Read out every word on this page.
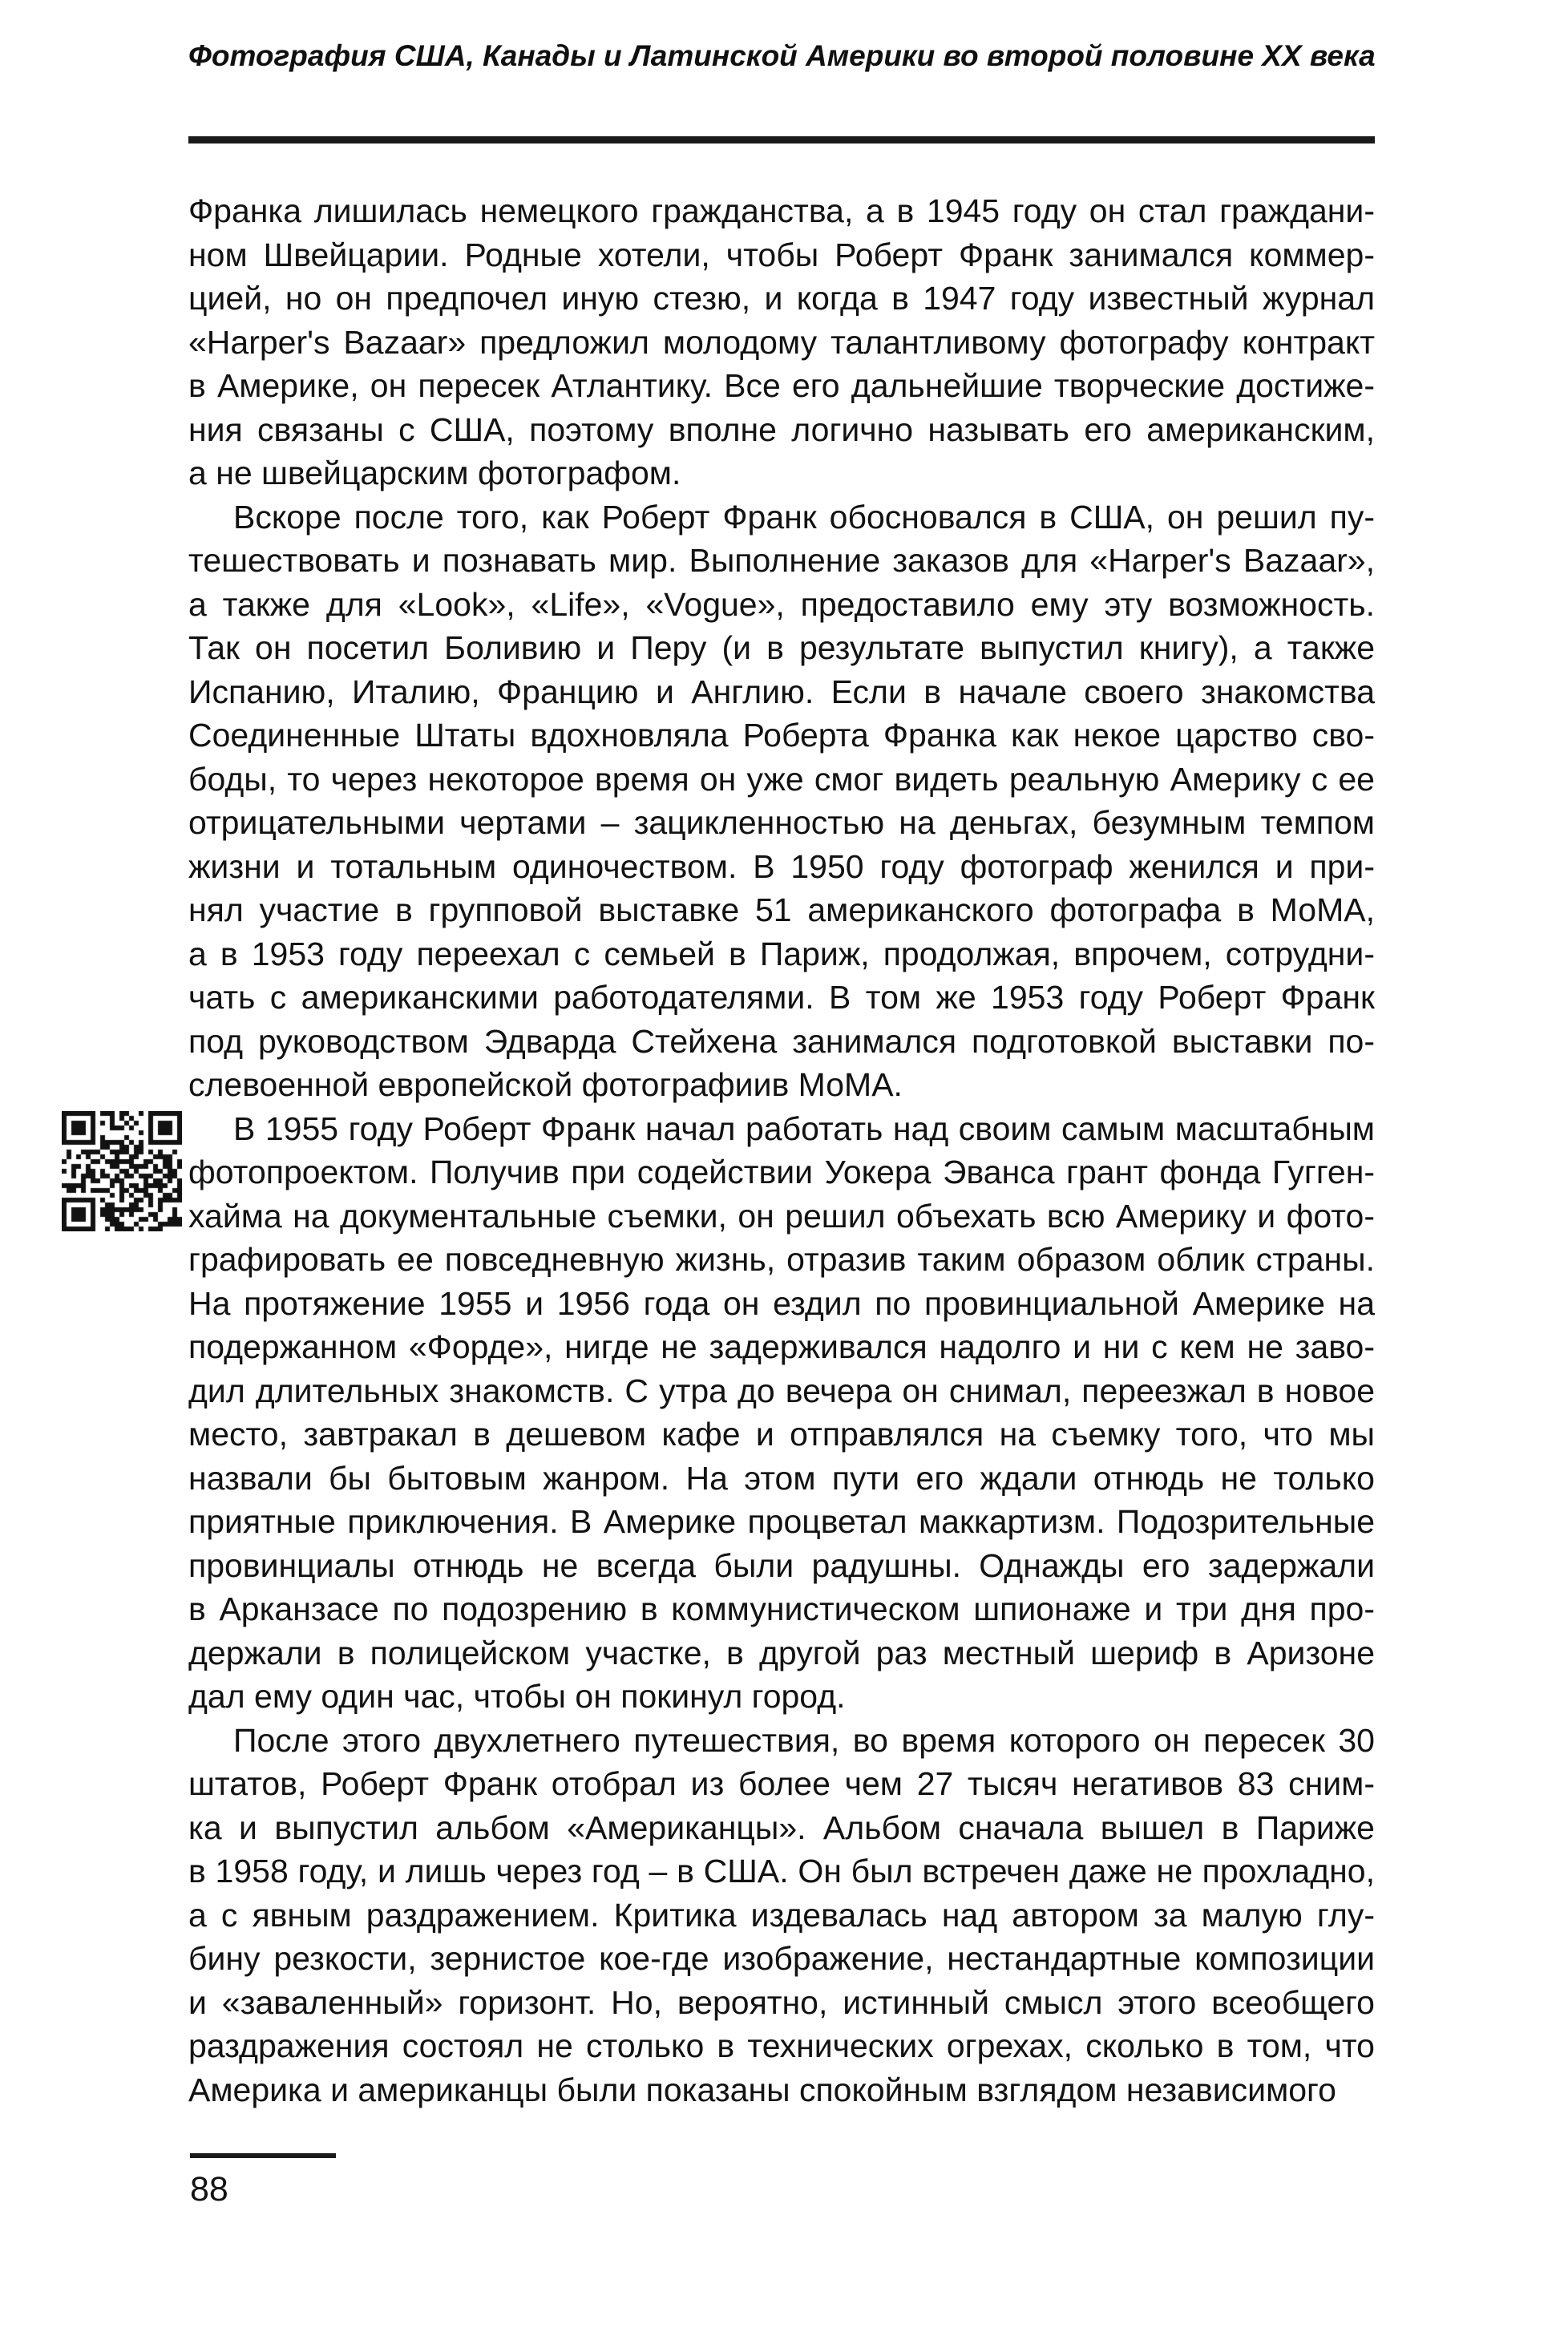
Фотография США, Канады и Латинской Америки во второй половине XX века
Франка лишилась немецкого гражданства, а в 1945 году он стал граждани-
ном Швейцарии. Родные хотели, чтобы Роберт Франк занимался коммер-
цией, но он предпочел иную стезю, и когда в 1947 году известный журнал
«Harper's Bazaar» предложил молодому талантливому фотографу контракт
в Америке, он пересек Атлантику. Все его дальнейшие творческие достиже-
ния связаны с США, поэтому вполне логично называть его американским,
а не швейцарским фотографом.
Вскоре после того, как Роберт Франк обосновался в США, он решил пу-
тешествовать и познавать мир. Выполнение заказов для «Harper's Bazaar»,
а также для «Look», «Life», «Vogue», предоставило ему эту возможность.
Так он посетил Боливию и Перу (и в результате выпустил книгу), а также
Испанию, Италию, Францию и Англию. Если в начале своего знакомства
Соединенные Штаты вдохновляла Роберта Франка как некое царство сво-
боды, то через некоторое время он уже смог видеть реальную Америку с ее
отрицательными чертами – зацикленностью на деньгах, безумным темпом
жизни и тотальным одиночеством. В 1950 году фотограф женился и при-
нял участие в групповой выставке 51 американского фотографа в МоМА,
а в 1953 году переехал с семьей в Париж, продолжая, впрочем, сотрудни-
чать с американскими работодателями. В том же 1953 году Роберт Франк
под руководством Эдварда Стейхена занимался подготовкой выставки по-
слевоенной европейской фотографиив МоМА.
В 1955 году Роберт Франк начал работать над своим самым масштабным
фотопроектом. Получив при содействии Уокера Эванса грант фонда Гугген-
хайма на документальные съемки, он решил объехать всю Америку и фото-
графировать ее повседневную жизнь, отразив таким образом облик страны.
На протяжение 1955 и 1956 года он ездил по провинциальной Америке на
подержанном «Форде», нигде не задерживался надолго и ни с кем не заво-
дил длительных знакомств. С утра до вечера он снимал, переезжал в новое
место, завтракал в дешевом кафе и отправлялся на съемку того, что мы
назвали бы бытовым жанром. На этом пути его ждали отнюдь не только
приятные приключения. В Америке процветал маккартизм. Подозрительные
провинциалы отнюдь не всегда были радушны. Однажды его задержали
в Арканзасе по подозрению в коммунистическом шпионаже и три дня про-
держали в полицейском участке, в другой раз местный шериф в Аризоне
дал ему один час, чтобы он покинул город.
После этого двухлетнего путешествия, во время которого он пересек 30
штатов, Роберт Франк отобрал из более чем 27 тысяч негативов 83 сним-
ка и выпустил альбом «Американцы». Альбом сначала вышел в Париже
в 1958 году, и лишь через год – в США. Он был встречен даже не прохладно,
а с явным раздражением. Критика издевалась над автором за малую глу-
бину резкости, зернистое кое-где изображение, нестандартные композиции
и «заваленный» горизонт. Но, вероятно, истинный смысл этого всеобщего
раздражения состоял не столько в технических огрехах, сколько в том, что
Америка и американцы были показаны спокойным взглядом независимого
88
